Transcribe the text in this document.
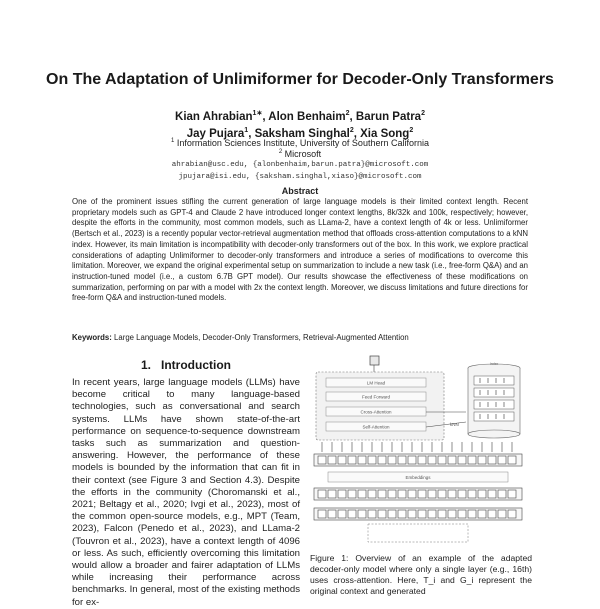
On The Adaptation of Unlimiformer for Decoder-Only Transformers
Kian Ahrabian$^{1∗}$, Alon Benhaim$^2$, Barun Patra$^2$
Jay Pujara$^1$, Saksham Singhal$^2$, Xia Song$^2$
$^1$ Information Sciences Institute, University of Southern California
$^2$ Microsoft
ahrabian@usc.edu, {alonbenhaim,barun.patra}@microsoft.com
jpujara@isi.edu, {saksham.singhal,xiaso}@microsoft.com
Abstract
One of the prominent issues stifling the current generation of large language models is their limited context length. Recent proprietary models such as GPT-4 and Claude 2 have introduced longer context lengths, 8k/32k and 100k, respectively; however, despite the efforts in the community, most common models, such as LLama-2, have a context length of 4k or less. Unlimiformer (Bertsch et al., 2023) is a recently popular vector-retrieval augmentation method that offloads cross-attention computations to a kNN index. However, its main limitation is incompatibility with decoder-only transformers out of the box. In this work, we explore practical considerations of adapting Unlimiformer to decoder-only transformers and introduce a series of modifications to overcome this limitation. Moreover, we expand the original experimental setup on summarization to include a new task (i.e., free-form Q&A) and an instruction-tuned model (i.e., a custom 6.7B GPT model). Our results showcase the effectiveness of these modifications on summarization, performing on par with a model with 2x the context length. Moreover, we discuss limitations and future directions for free-form Q&A and instruction-tuned models.
Keywords: Large Language Models, Decoder-Only Transformers, Retrieval-Augmented Attention
1. Introduction
In recent years, large language models (LLMs) have become critical to many language-based technologies, such as conversational and search systems. LLMs have shown state-of-the-art performance on sequence-to-sequence downstream tasks such as summarization and question-answering. However, the performance of these models is bounded by the information that can fit in their context (see Figure 3 and Section 4.3). Despite the efforts in the community (Choromanski et al., 2021; Beltagy et al., 2020; Ivgi et al., 2023), most of the common open-source models, e.g., MPT (Team, 2023), Falcon (Penedo et al., 2023), and LLama-2 (Touvron et al., 2023), have a context length of 4096 or less. As such, efficiently overcoming this limitation would allow a broader and fairer adaptation of LLMs while increasing their performance across benchmarks. In general, most of the existing methods for ex-
LM Head
Feed Forward
Cross-Attention
Self-Attention	kNN
Index
Embeddings
Figure 1: Overview of an example of the adapted decoder-only model where only a single layer (e.g., 16th) uses cross-attention. Here, T_i and G_i represent the original context and generated
